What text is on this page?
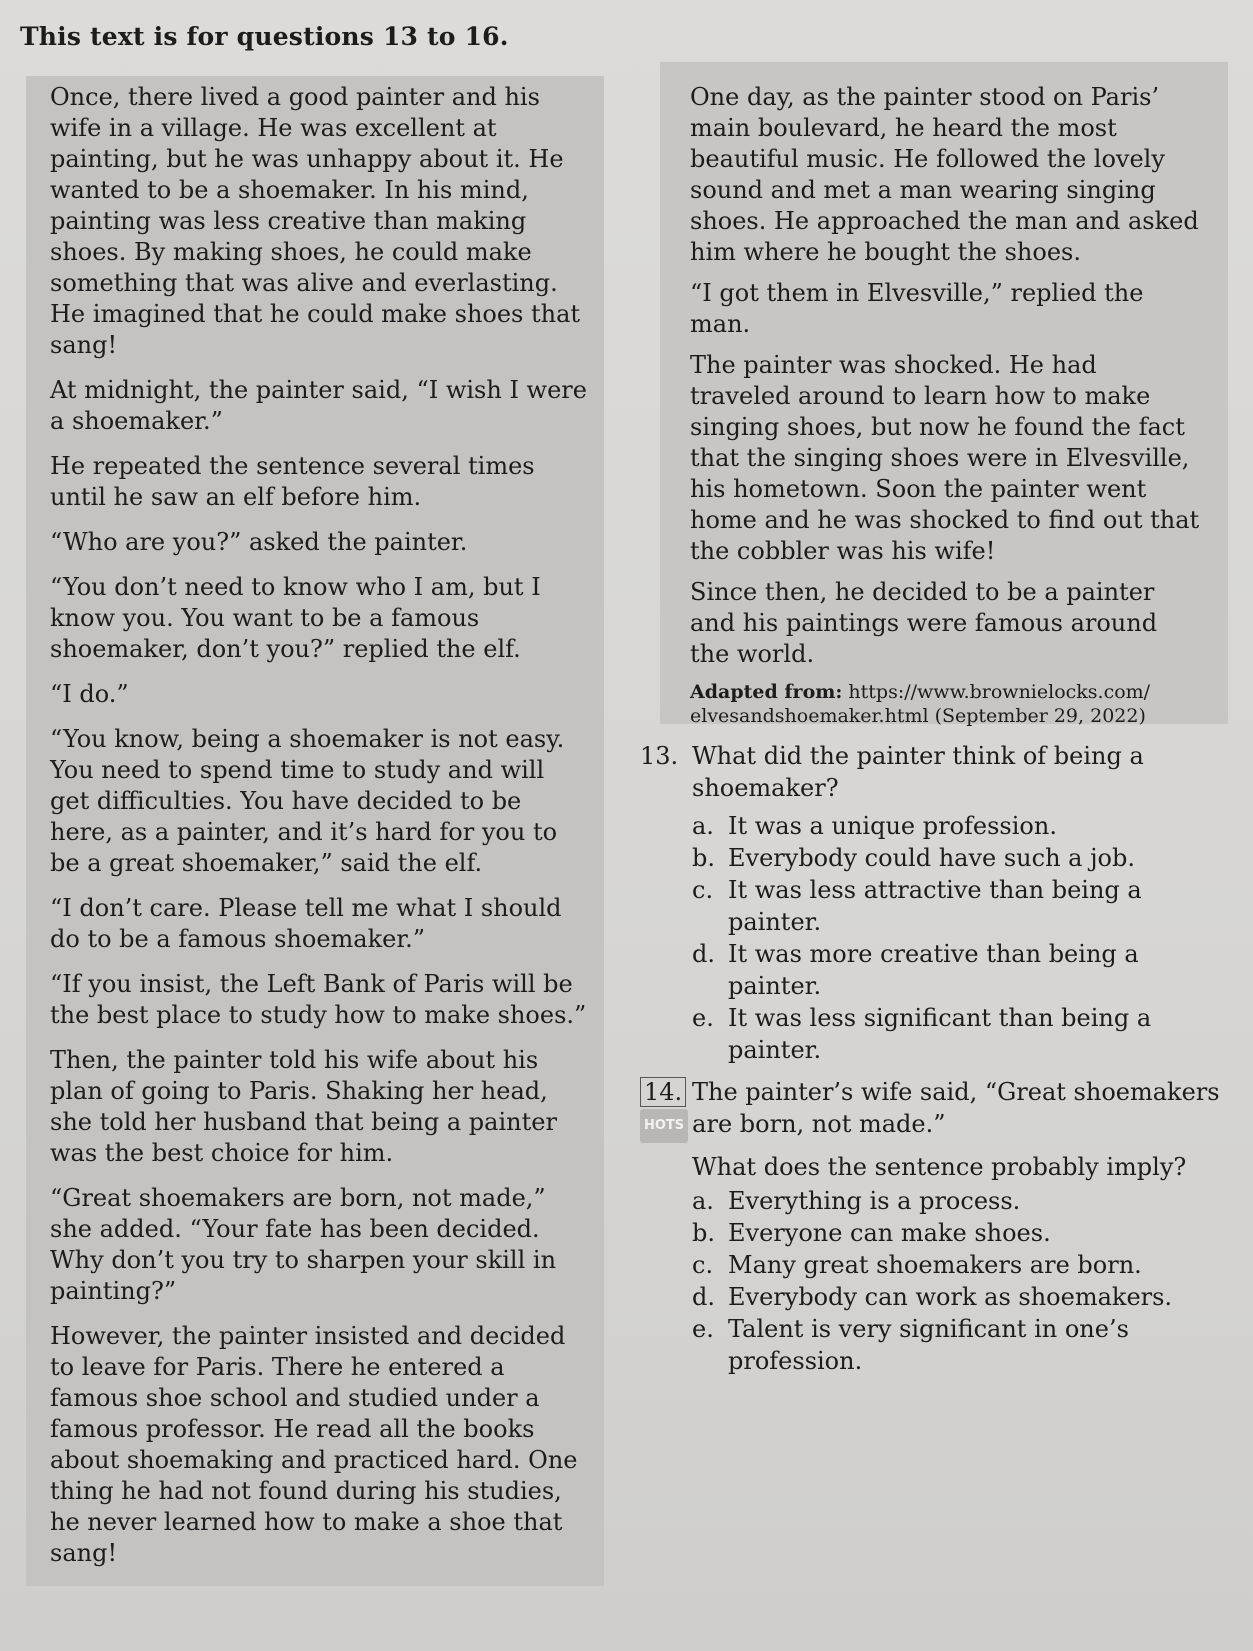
This text is for questions 13 to 16.

Once, there lived a good painter and his wife in a village. He was excellent at painting, but he was unhappy about it. He wanted to be a shoemaker. In his mind, painting was less creative than making shoes. By making shoes, he could make something that was alive and everlasting. He imagined that he could make shoes that sang!

At midnight, the painter said, “I wish I were a shoemaker.”

He repeated the sentence several times until he saw an elf before him.

“Who are you?” asked the painter.

“You don’t need to know who I am, but I know you. You want to be a famous shoemaker, don’t you?” replied the elf.

“I do.”

“You know, being a shoemaker is not easy. You need to spend time to study and will get difficulties. You have decided to be here, as a painter, and it’s hard for you to be a great shoemaker,” said the elf.

“I don’t care. Please tell me what I should do to be a famous shoemaker.”

“If you insist, the Left Bank of Paris will be the best place to study how to make shoes.”

Then, the painter told his wife about his plan of going to Paris. Shaking her head, she told her husband that being a painter was the best choice for him.

“Great shoemakers are born, not made,” she added. “Your fate has been decided. Why don’t you try to sharpen your skill in painting?”

However, the painter insisted and decided to leave for Paris. There he entered a famous shoe school and studied under a famous professor. He read all the books about shoemaking and practiced hard. One thing he had not found during his studies, he never learned how to make a shoe that sang!

One day, as the painter stood on Paris’ main boulevard, he heard the most beautiful music. He followed the lovely sound and met a man wearing singing shoes. He approached the man and asked him where he bought the shoes.

“I got them in Elvesville,” replied the man.

The painter was shocked. He had traveled around to learn how to make singing shoes, but now he found the fact that the singing shoes were in Elvesville, his hometown. Soon the painter went home and he was shocked to find out that the cobbler was his wife!

Since then, he decided to be a painter and his paintings were famous around the world.

Adapted from: https://www.brownielocks.com/ elvesandshoemaker.html (September 29, 2022)
13. What did the painter think of being a shoemaker?
a. It was a unique profession.
b. Everybody could have such a job.
c. It was less attractive than being a painter.
d. It was more creative than being a painter.
e. It was less significant than being a painter.
14. The painter’s wife said, “Great shoemakers
HOTS are born, not made.”
What does the sentence probably imply?
a. Everything is a process.
b. Everyone can make shoes.
c. Many great shoemakers are born.
d. Everybody can work as shoemakers.
e. Talent is very significant in one’s profession.
